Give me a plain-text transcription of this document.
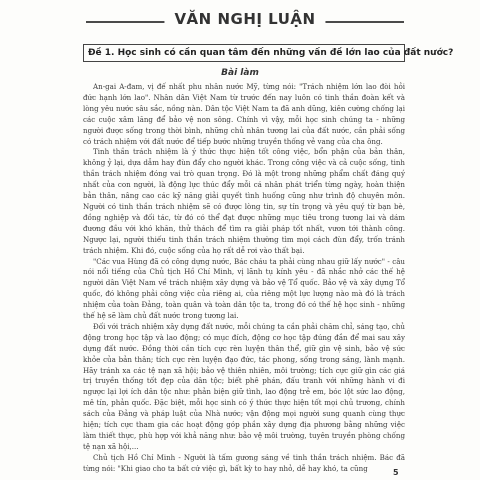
VĂN NGHỊ LUẬN
Đề 1. Học sinh có cần quan tâm đến những vấn đề lớn lao của đất nước?
Bài làm

An-gai A-đam, vị đế nhất phu nhân nước Mỹ, từng nói: "Trách nhiệm lớn lao đòi hỏi đức hạnh lớn lao". Nhân dân Việt Nam từ trước đến nay luôn có tinh thần đoàn kết và lòng yêu nước sâu sắc, nồng nàn. Dân tộc Việt Nam ta đã anh dũng, kiên cường chống lại các cuộc xâm lăng để bảo vệ non sông. Chính vì vậy, mỗi học sinh chúng ta - những người được sống trong thời bình, những chủ nhân tương lai của đất nước, cần phải sống có trách nhiệm với đất nước để tiếp bước những truyền thống vẻ vang của cha ông.

Tinh thần trách nhiệm là ý thức thực hiện tốt công việc, bổn phận của bản thân, không ỷ lại, dựa dẫm hay đùn đẩy cho người khác. Trong công việc và cả cuộc sống, tinh thần trách nhiệm đóng vai trò quan trọng. Đó là một trong những phẩm chất đáng quý nhất của con người, là động lực thúc đẩy mỗi cá nhân phát triển từng ngày, hoàn thiện bản thân, nâng cao các kỹ năng giải quyết tình huống cũng như trình độ chuyên môn. Người có tinh thần trách nhiệm sẽ có được lòng tin, sự tín trọng và yêu quý từ bạn bè, đồng nghiệp và đối tác, từ đó có thể đạt được những mục tiêu trong tương lai và dám đương đầu với khó khăn, thử thách để tìm ra giải pháp tốt nhất, vươn tới thành công. Ngược lại, người thiếu tinh thần trách nhiệm thường tìm mọi cách đùn đẩy, trốn tránh trách nhiệm. Khi đó, cuộc sống của họ rất dễ rơi vào thất bại.

"Các vua Hùng đã có công dựng nước, Bác cháu ta phải cùng nhau giữ lấy nước" - câu nói nổi tiếng của Chủ tịch Hồ Chí Minh, vị lãnh tụ kính yêu - đã nhắc nhở các thế hệ người dân Việt Nam về trách nhiệm xây dựng và bảo vệ Tổ quốc. Bảo vệ và xây dựng Tổ quốc, đó không phải công việc của riêng ai, của riêng một lực lượng nào mà đó là trách nhiệm của toàn Đảng, toàn quân và toàn dân tộc ta, trong đó có thế hệ học sinh - những thế hệ sẽ làm chủ đất nước trong tương lai.

Đối với trách nhiệm xây dựng đất nước, mỗi chúng ta cần phải chăm chỉ, sáng tạo, chủ động trong học tập và lao động; có mục đích, động cơ học tập đúng đắn để mai sau xây dựng đất nước. Đồng thời cần tích cực rèn luyện thân thể, giữ gìn vệ sinh, bảo vệ sức khỏe của bản thân; tích cực rèn luyện đạo đức, tác phong, sống trong sáng, lành mạnh. Hãy tránh xa các tệ nạn xã hội; bảo vệ thiên nhiên, môi trường; tích cực giữ gìn các giá trị truyền thống tốt đẹp của dân tộc; biết phê phán, đấu tranh với những hành vi đi ngược lại lợi ích dân tộc như: phản biện giữ tình, lao động trẻ em, bóc lột sức lao động, mê tín, phản quốc. Đặc biệt, mỗi học sinh có ý thức thực hiện tốt mọi chủ trương, chính sách của Đảng và pháp luật của Nhà nước; vận động mọi người sung quanh cùng thực hiện; tích cực tham gia các hoạt động góp phần xây dựng địa phương bằng những việc làm thiết thực, phù hợp với khả năng như: bảo vệ môi trường, tuyên truyền phòng chống tệ nạn xã hội,...

Chủ tịch Hồ Chí Minh - Người là tấm gương sáng về tinh thần trách nhiệm. Bác đã từng nói: "Khi giao cho ta bất cứ việc gì, bất kỳ to hay nhỏ, dễ hay khó, ta cũng	5
